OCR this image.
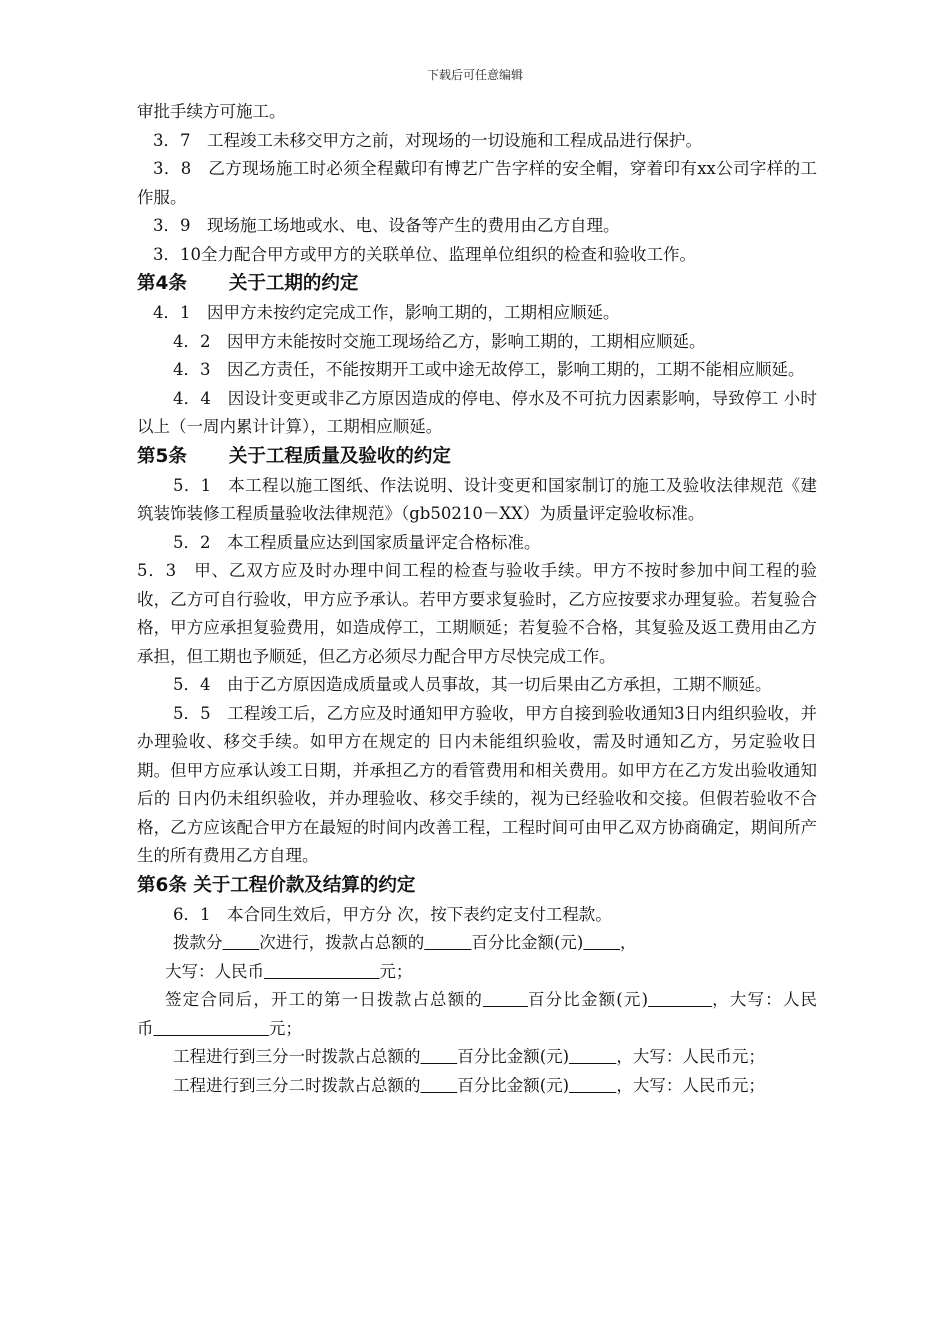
下载后可任意编辑

审批手续方可施工。

3．7　工程竣工未移交甲方之前，对现场的一切设施和工程成品进行保护。

3．8　乙方现场施工时必须全程戴印有博艺广告字样的安全帽，穿着印有xx公司字样的工作服。

3．9　现场施工场地或水、电、设备等产生的费用由乙方自理。

3．10全力配合甲方或甲方的关联单位、监理单位组织的检查和验收工作。

第4条 关于工期的约定

4．1　因甲方未按约定完成工作，影响工期的，工期相应顺延。

4．2　因甲方未能按时交施工现场给乙方，影响工期的，工期相应顺延。

4．3　因乙方责任，不能按期开工或中途无故停工，影响工期的，工期不能相应顺延。

4．4　因设计变更或非乙方原因造成的停电、停水及不可抗力因素影响，导致停工 小时以上（一周内累计计算），工期相应顺延。

第5条 关于工程质量及验收的约定

5．1　本工程以施工图纸、作法说明、设计变更和国家制订的施工及验收法律规范《建筑装饰装修工程质量验收法律规范》（gb50210－XX）为质量评定验收标准。

5．2　本工程质量应达到国家质量评定合格标准。

5．3　甲、乙双方应及时办理中间工程的检查与验收手续。甲方不按时参加中间工程的验收，乙方可自行验收，甲方应予承认。若甲方要求复验时，乙方应按要求办理复验。若复验合格，甲方应承担复验费用，如造成停工，工期顺延；若复验不合格，其复验及返工费用由乙方承担，但工期也予顺延，但乙方必须尽力配合甲方尽快完成工作。

5．4　由于乙方原因造成质量或人员事故，其一切后果由乙方承担，工期不顺延。

5．5　工程竣工后，乙方应及时通知甲方验收，甲方自接到验收通知3日内组织验收，并办理验收、移交手续。如甲方在规定的 日内未能组织验收，需及时通知乙方，另定验收日期。但甲方应承认竣工日期，并承担乙方的看管费用和相关费用。如甲方在乙方发出验收通知后的 日内仍未组织验收，并办理验收、移交手续的，视为已经验收和交接。但假若验收不合格，乙方应该配合甲方在最短的时间内改善工程，工程时间可由甲乙双方协商确定，期间所产生的所有费用乙方自理。

第6条 关于工程价款及结算的约定

6．1　本合同生效后，甲方分 次，按下表约定支付工程款。

拨款分 次进行，拨款占总额的	百分比金额(元) ，

大写：人民币	元；

签定合同后，开工的第一日拨款占总额的	百分比金额(元)	，大写：人民币	元；

工程进行到三分一时拨款占总额的 百分比金额(元)	，大写：人民币元；

工程进行到三分二时拨款占总额的 百分比金额(元)	，大写：人民币元；
